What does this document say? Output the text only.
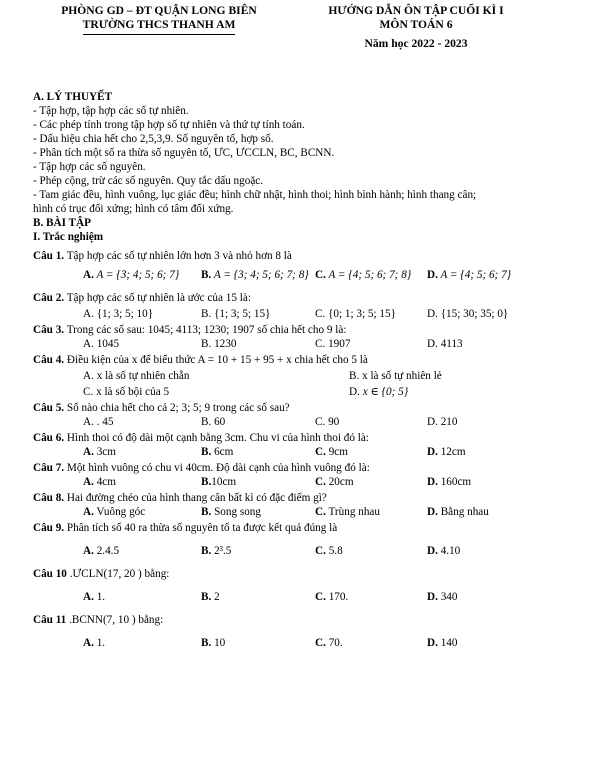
PHÒNG GD – ĐT QUẬN LONG BIÊN
TRƯỜNG THCS THANH AM
HƯỚNG DẪN ÔN TẬP CUỐI KÌ I
MÔN TOÁN 6
Năm học 2022 - 2023
A. LÝ THUYẾT
- Tập hợp, tập hợp các số tự nhiên.
- Các phép tính trong tập hợp số tự nhiên và thứ tự tính toán.
- Dấu hiệu chia hết cho 2,5,3,9. Số nguyên tố, hợp số.
- Phân tích một số ra thừa số nguyên tố, ƯC, ƯCCLN, BC, BCNN.
- Tập hợp các số nguyên.
- Phép cộng, trừ các số nguyên. Quy tắc dấu ngoặc.
- Tam giác đều, hình vuông, lục giác đều; hình chữ nhật, hình thoi; hình bình hành; hình thang cân;
hình có trục đối xứng; hình có tâm đối xứng.
B. BÀI TẬP
I. Trắc nghiệm
Câu 1. Tập hợp các số tự nhiên lớn hơn 3 và nhỏ hơn 8 là
A. A = {3; 4; 5; 6; 7}	B. A = {3; 4; 5; 6; 7; 8} C. A = {4; 5; 6; 7; 8}	D. A = {4; 5; 6; 7}
Câu 2. Tập hợp các số tự nhiên là ước của 15 là:
A. {1; 3; 5; 10}	B. {1; 3; 5; 15}	C. {0; 1; 3; 5; 15}	D. {15; 30; 35; 0}
Câu 3. Trong các số sau: 1045; 4113; 1230; 1907 số chia hết cho 9 là:
A. 1045	B. 1230	C. 1907	D. 4113
Câu 4. Điều kiện của x để biểu thức A = 10 + 15 + 95 + x chia hết cho 5 là
A. x là số tự nhiên chẵn	B. x là số tự nhiên lẻ
C. x là số bội của 5	D. x ∈ {0; 5}
Câu 5. Số nào chia hết cho cả 2; 3; 5; 9 trong các số sau?
A. . 45	B. 60	C. 90	D. 210
Câu 6. Hình thoi có độ dài một cạnh bằng 3cm. Chu vi của hình thoi đó là:
A. 3cm	B. 6cm	C. 9cm	D. 12cm
Câu 7. Một hình vuông có chu vi 40cm. Độ dài cạnh của hình vuông đó là:
A. 4cm	B.10cm	C. 20cm	D. 160cm
Câu 8. Hai đường chéo của hình thang cân bất kì có đặc điểm gì?
A. Vuông góc	B. Song song	C. Trùng nhau	D. Bằng nhau
Câu 9. Phân tích số 40 ra thừa số nguyên tố ta được kết quả đúng là
A. 2.4.5	B. 2³.5	C. 5.8	D. 4.10
Câu 10 .ƯCLN(17, 20 ) bằng:
A. 1.	B. 2	C. 170.	D. 340
Câu 11 .BCNN(7, 10 ) bằng:
A. 1.	B. 10	C. 70.	D. 140
